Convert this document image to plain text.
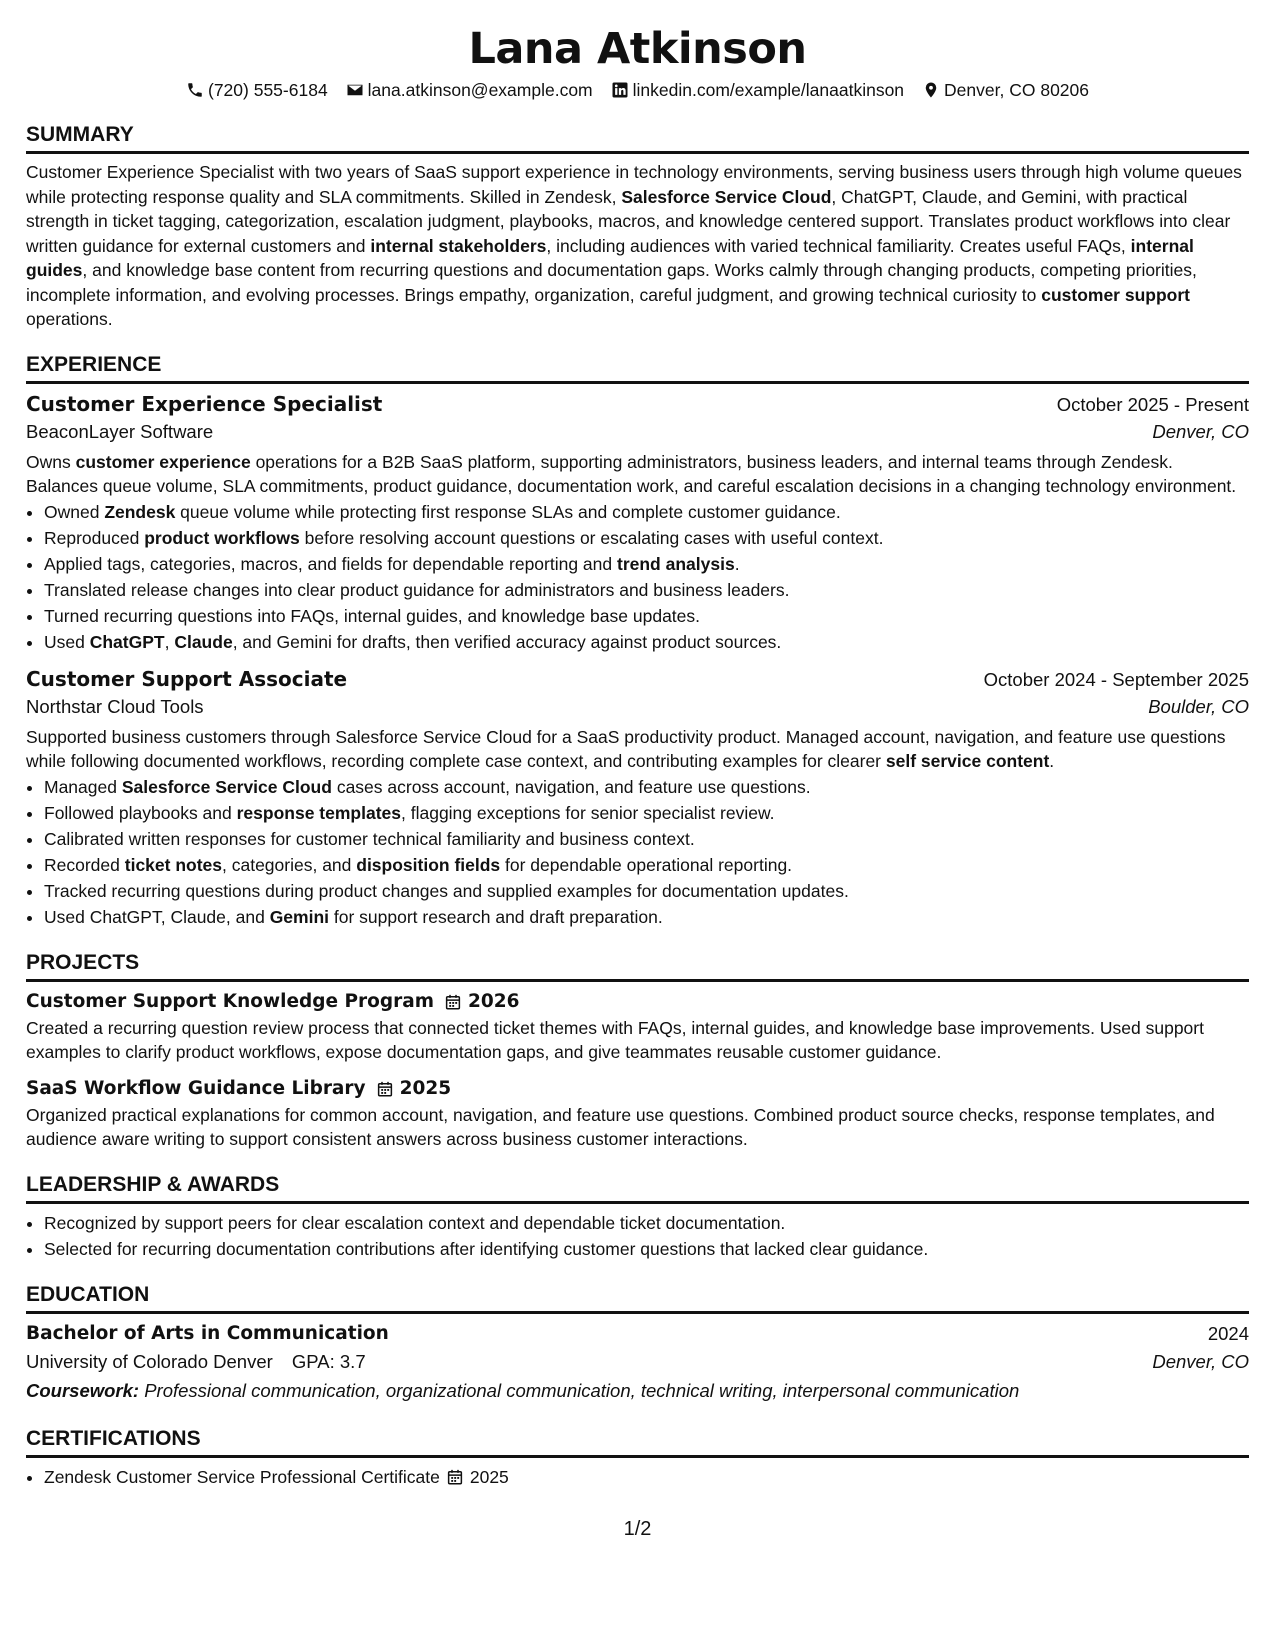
Lana Atkinson
(720) 555-6184 lana.atkinson@example.com linkedin.com/example/lanaatkinson Denver, CO 80206
SUMMARY

Customer Experience Specialist with two years of SaaS support experience in technology environments, serving business users through high volume queues while protecting response quality and SLA commitments. Skilled in Zendesk, Salesforce Service Cloud, ChatGPT, Claude, and Gemini, with practical strength in ticket tagging, categorization, escalation judgment, playbooks, macros, and knowledge centered support. Translates product workflows into clear written guidance for external customers and internal stakeholders, including audiences with varied technical familiarity. Creates useful FAQs, internal guides, and knowledge base content from recurring questions and documentation gaps. Works calmly through changing products, competing priorities, incomplete information, and evolving processes. Brings empathy, organization, careful judgment, and growing technical curiosity to customer support operations.

EXPERIENCE
Customer Experience Specialist	October 2025 - Present
BeaconLayer Software	Denver, CO

Owns customer experience operations for a B2B SaaS platform, supporting administrators, business leaders, and internal teams through Zendesk. Balances queue volume, SLA commitments, product guidance, documentation work, and careful escalation decisions in a changing technology environment.

• Owned Zendesk queue volume while protecting first response SLAs and complete customer guidance.
• Reproduced product workflows before resolving account questions or escalating cases with useful context.
• Applied tags, categories, macros, and fields for dependable reporting and trend analysis.
• Translated release changes into clear product guidance for administrators and business leaders.
• Turned recurring questions into FAQs, internal guides, and knowledge base updates.
• Used ChatGPT, Claude, and Gemini for drafts, then verified accuracy against product sources.
Customer Support Associate	October 2024 - September 2025
Northstar Cloud Tools	Boulder, CO

Supported business customers through Salesforce Service Cloud for a SaaS productivity product. Managed account, navigation, and feature use questions while following documented workflows, recording complete case context, and contributing examples for clearer self service content.

• Managed Salesforce Service Cloud cases across account, navigation, and feature use questions.
• Followed playbooks and response templates, flagging exceptions for senior specialist review.
• Calibrated written responses for customer technical familiarity and business context.
• Recorded ticket notes, categories, and disposition fields for dependable operational reporting.
• Tracked recurring questions during product changes and supplied examples for documentation updates.
• Used ChatGPT, Claude, and Gemini for support research and draft preparation.
PROJECTS
Customer Support Knowledge Program 2026

Created a recurring question review process that connected ticket themes with FAQs, internal guides, and knowledge base improvements. Used support examples to clarify product workflows, expose documentation gaps, and give teammates reusable customer guidance.

SaaS Workflow Guidance Library 2025

Organized practical explanations for common account, navigation, and feature use questions. Combined product source checks, response templates, and audience aware writing to support consistent answers across business customer interactions.

LEADERSHIP & AWARDS
• Recognized by support peers for clear escalation context and dependable ticket documentation.
• Selected for recurring documentation contributions after identifying customer questions that lacked clear guidance.
EDUCATION
Bachelor of Arts in Communication	2024
University of Colorado Denver GPA: 3.7	Denver, CO
Coursework: Professional communication, organizational communication, technical writing, interpersonal communication
CERTIFICATIONS
• Zendesk Customer Service Professional Certificate 2025
1/2
